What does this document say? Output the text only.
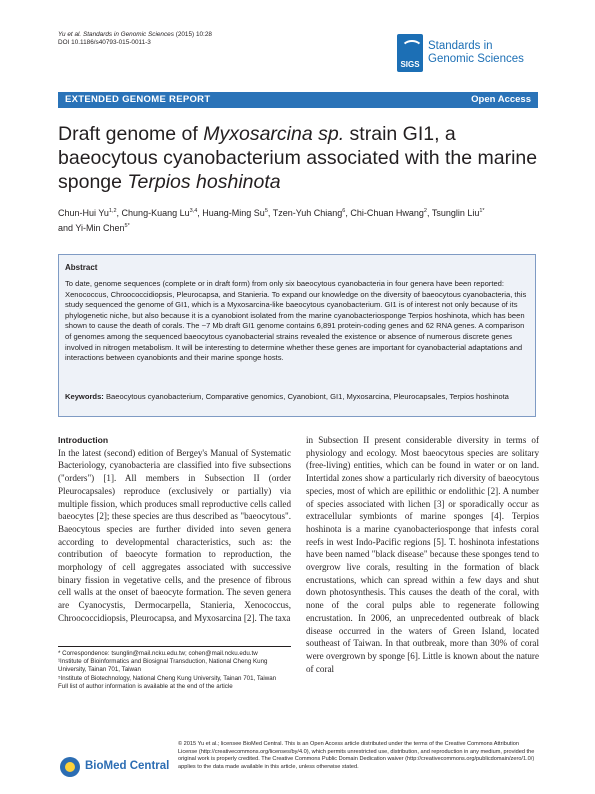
Yu et al. Standards in Genomic Sciences (2015) 10:28
DOI 10.1186/s40793-015-0011-3
SIGS
Standards in
Genomic Sciences
EXTENDED GENOME REPORT	Open Access
Draft genome of Myxosarcina sp. strain GI1, a baeocytous cyanobacterium associated with the marine sponge Terpios hoshinota
Chun-Hui Yu$^{1,2}$, Chung-Kuang Lu$^{3,4}$, Huang-Ming Su$^5$, Tzen-Yuh Chiang$^6$, Chi-Chuan Hwang$^2$, Tsunglin Liu$^{1*}$
and Yi-Min Chen$^{5*}$
Abstract
To date, genome sequences (complete or in draft form) from only six baeocytous cyanobacteria in four genera have been reported: Xenococcus, Chroococcidiopsis, Pleurocapsa, and Stanieria. To expand our knowledge on the diversity of baeocytous cyanobacteria, this study sequenced the genome of GI1, which is a Myxosarcina-like baeocytous cyanobacterium. GI1 is of interest not only because of its phylogenetic niche, but also because it is a cyanobiont isolated from the marine cyanobacteriosponge Terpios hoshinota, which has been shown to cause the death of corals. The ~7 Mb draft GI1 genome contains 6,891 protein-coding genes and 62 RNA genes. A comparison of genomes among the sequenced baeocytous cyanobacterial strains revealed the existence or absence of numerous discrete genes involved in nitrogen metabolism. It will be interesting to determine whether these genes are important for cyanobacterial adaptations and interactions between cyanobionts and their marine sponge hosts.
Keywords: Baeocytous cyanobacterium, Comparative genomics, Cyanobiont, GI1, Myxosarcina, Pleurocapsales, Terpios hoshinota
Introduction
In the latest (second) edition of Bergey's Manual of Systematic Bacteriology, cyanobacteria are classified into five subsections ("orders") [1]. All members in Subsection II (order Pleurocapsales) reproduce (exclusively or partially) via multiple fission, which produces small reproductive cells called baeocytes [2]; these species are thus described as "baeocytous". Baeocytous species are further divided into seven genera according to developmental characteristics, such as: the contribution of baeocyte formation to reproduction, the morphology of cell aggregates associated with successive binary fission in vegetative cells, and the presence of fibrous cell walls at the onset of baeocyte formation. The seven genera are Cyanocystis, Dermocarpella, Stanieria, Xenococcus, Chroococcidiopsis, Pleurocapsa, and Myxosarcina [2]. The taxa
in Subsection II present considerable diversity in terms of physiology and ecology. Most baeocytous species are solitary (free-living) entities, which can be found in water or on land. Intertidal zones show a particularly rich diversity of baeocytous species, most of which are epilithic or endolithic [2]. A number of species associated with lichen [3] or sporadically occur as extracellular symbionts of marine sponges [4]. Terpios hoshinota is a marine cyanobacteriosponge that infests coral reefs in west Indo-Pacific regions [5]. T. hoshinota infestations have been named "black disease" because these sponges tend to overgrow live corals, resulting in the formation of black encrustations, which can spread within a few days and shut down photosynthesis. This causes the death of the coral, with none of the coral pulps able to regenerate following encrustation. In 2006, an unprecedented outbreak of black disease occurred in the waters of Green Island, located southeast of Taiwan. In that outbreak, more than 30% of coral were overgrown by sponge [6]. Little is known about the nature of coral
* Correspondence: tsunglin@mail.ncku.edu.tw; cohen@mail.ncku.edu.tw
¹Institute of Bioinformatics and Biosignal Transduction, National Cheng Kung University, Tainan 701, Taiwan
⁵Institute of Biotechnology, National Cheng Kung University, Tainan 701, Taiwan
Full list of author information is available at the end of the article
BioMed Central
© 2015 Yu et al.; licensee BioMed Central. This is an Open Access article distributed under the terms of the Creative Commons Attribution License (http://creativecommons.org/licenses/by/4.0), which permits unrestricted use, distribution, and reproduction in any medium, provided the original work is properly credited. The Creative Commons Public Domain Dedication waiver (http://creativecommons.org/publicdomain/zero/1.0/) applies to the data made available in this article, unless otherwise stated.
